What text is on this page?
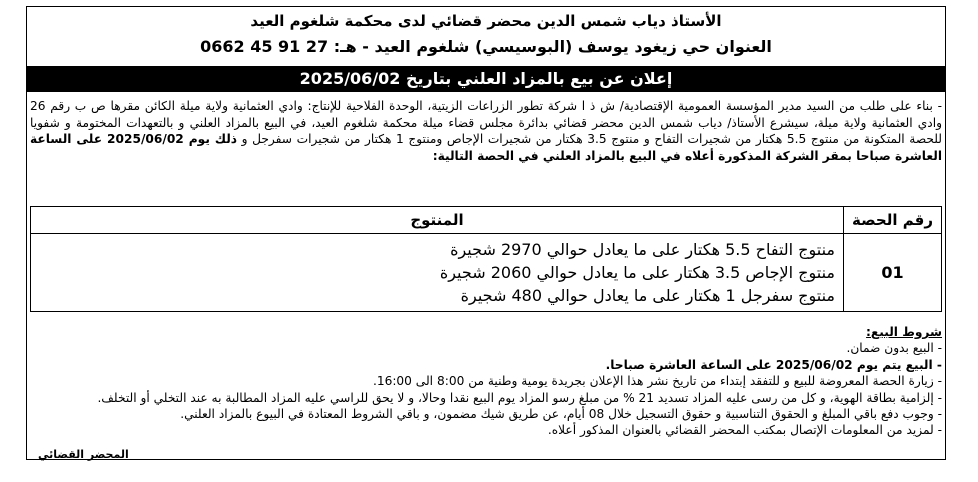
الأستاذ دياب شمس الدين محضر قضائي لدى محكمة شلغوم العيد
العنوان حي زيغود يوسف (البوسيسي) شلغوم العيد - هـ: 27 91 45 0662
إعلان عن بيع بالمزاد العلني بتاريخ 2025/06/02
- بناء على طلب من السيد مدير المؤسسة العمومية الإقتصادية/ ش ذ ا شركة تطور الزراعات الزيتية، الوحدة الفلاحية للإنتاج: وادي العثمانية ولاية ميلة الكائن مقرها ص ب رقم 26 وادي العثمانية ولاية ميلة، سيشرع الأستاذ/ دياب شمس الدين محضر قضائي بدائرة مجلس قضاء ميلة محكمة شلغوم العيد، في البيع بالمزاد العلني و بالتعهدات المختومة و شفويا للحصة المتكونة من منتوج 5.5 هكتار من شجيرات التفاح و منتوج 3.5 هكتار من شجيرات الإجاص ومنتوج 1 هكتار من شجيرات سفرجل و ذلك يوم 2025/06/02 على الساعة العاشرة صباحا بمقر الشركة المذكورة أعلاه في البيع بالمزاد العلني في الحصة التالية:
رقم الحصة	المنتوج
01	منتوج التفاح 5.5 هكتار على ما يعادل حوالي 2970 شجيرة
منتوج الإجاص 3.5 هكتار على ما يعادل حوالي 2060 شجيرة
منتوج سفرجل 1 هكتار على ما يعادل حوالي 480 شجيرة
شروط البيع:
- البيع بدون ضمان.
- البيع يتم يوم 2025/06/02 على الساعة العاشرة صباحا.
- زيارة الحصة المعروضة للبيع و للتفقد إبتداء من تاريخ نشر هذا الإعلان بجريدة يومية وطنية من 8:00 الى 16:00.
- إلزامية بطاقة الهوية، و كل من رسى عليه المزاد تسديد 21 % من مبلغ رسو المزاد يوم البيع نقدا وحالا، و لا يحق للراسي عليه المزاد المطالبة به عند التخلي أو التخلف.
- وجوب دفع باقي المبلغ و الحقوق التناسبية و حقوق التسجيل خلال 08 أيام، عن طريق شيك مضمون، و باقي الشروط المعتادة في البيوع بالمزاد العلني.
- لمزيد من المعلومات الإتصال بمكتب المحضر القضائي بالعنوان المذكور أعلاه.
المحضر القضائي
